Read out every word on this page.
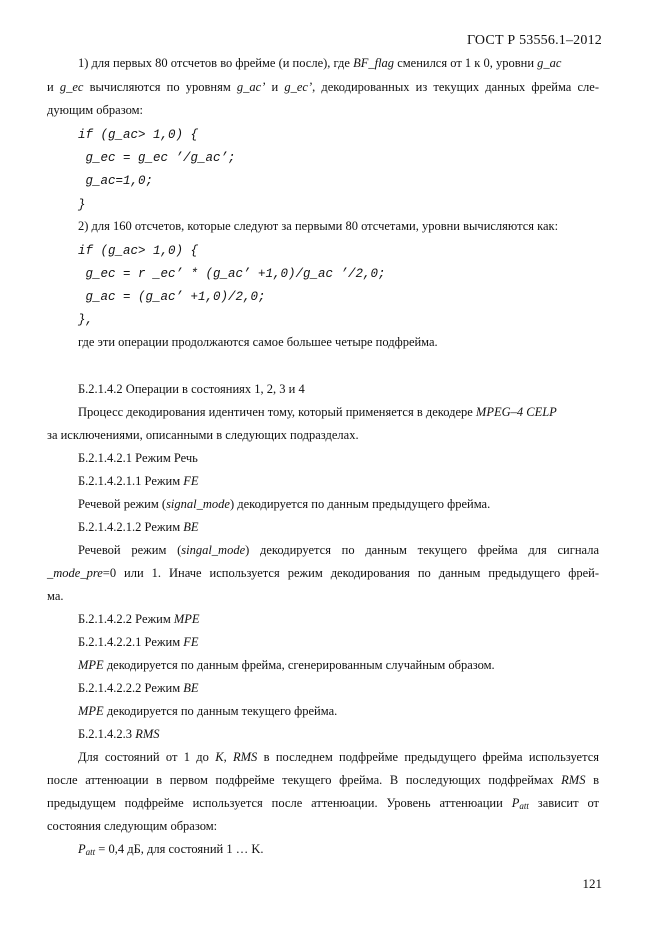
ГОСТ Р 53556.1–2012
1) для первых 80 отсчетов во фрейме (и после), где BF_flag сменился от 1 к 0, уровни g_ac
и g_ec вычисляются по уровням g_ac’ и g_ec’, декодированных из текущих данных фрейма сле-
дующим образом:
if (g_ac> 1,0) {
g_ec = g_ec ’/g_ac’;
g_ac=1,0;
}
2) для 160 отсчетов, которые следуют за первыми 80 отсчетами, уровни вычисляются как:
if (g_ac> 1,0) {
g_ec = r _ec’ * (g_ac’ +1,0)/g_ac ’/2,0;
g_ac = (g_ac’ +1,0)/2,0;
},
где эти операции продолжаются самое большее четыре подфрейма.
Б.2.1.4.2 Операции в состояниях 1, 2, 3 и 4
Процесс декодирования идентичен тому, который применяется в декодере MPEG–4 CELP
за исключениями, описанными в следующих подразделах.
Б.2.1.4.2.1 Режим Речь
Б.2.1.4.2.1.1 Режим FE
Речевой режим (signal_mode) декодируется по данным предыдущего фрейма.
Б.2.1.4.2.1.2 Режим BE
Речевой режим (singal_mode) декодируется по данным текущего фрейма для сигнала
_mode_pre=0 или 1. Иначе используется режим декодирования по данным предыдущего фрей-
ма.
Б.2.1.4.2.2 Режим MPE
Б.2.1.4.2.2.1 Режим FE
MPE декодируется по данным фрейма, сгенерированным случайным образом.
Б.2.1.4.2.2.2 Режим BE
MPE декодируется по данным текущего фрейма.
Б.2.1.4.2.3 RMS
Для состояний от 1 до K, RMS в последнем подфрейме предыдущего фрейма используется
после аттенюации в первом подфрейме текущего фрейма. В последующих подфреймах RMS в
предыдущем подфрейме используется после аттенюации. Уровень аттенюации $P_{att}$ зависит от
состояния следующим образом:
$P_{att} = 0,4$ дБ, для состояний 1 … K.
121
